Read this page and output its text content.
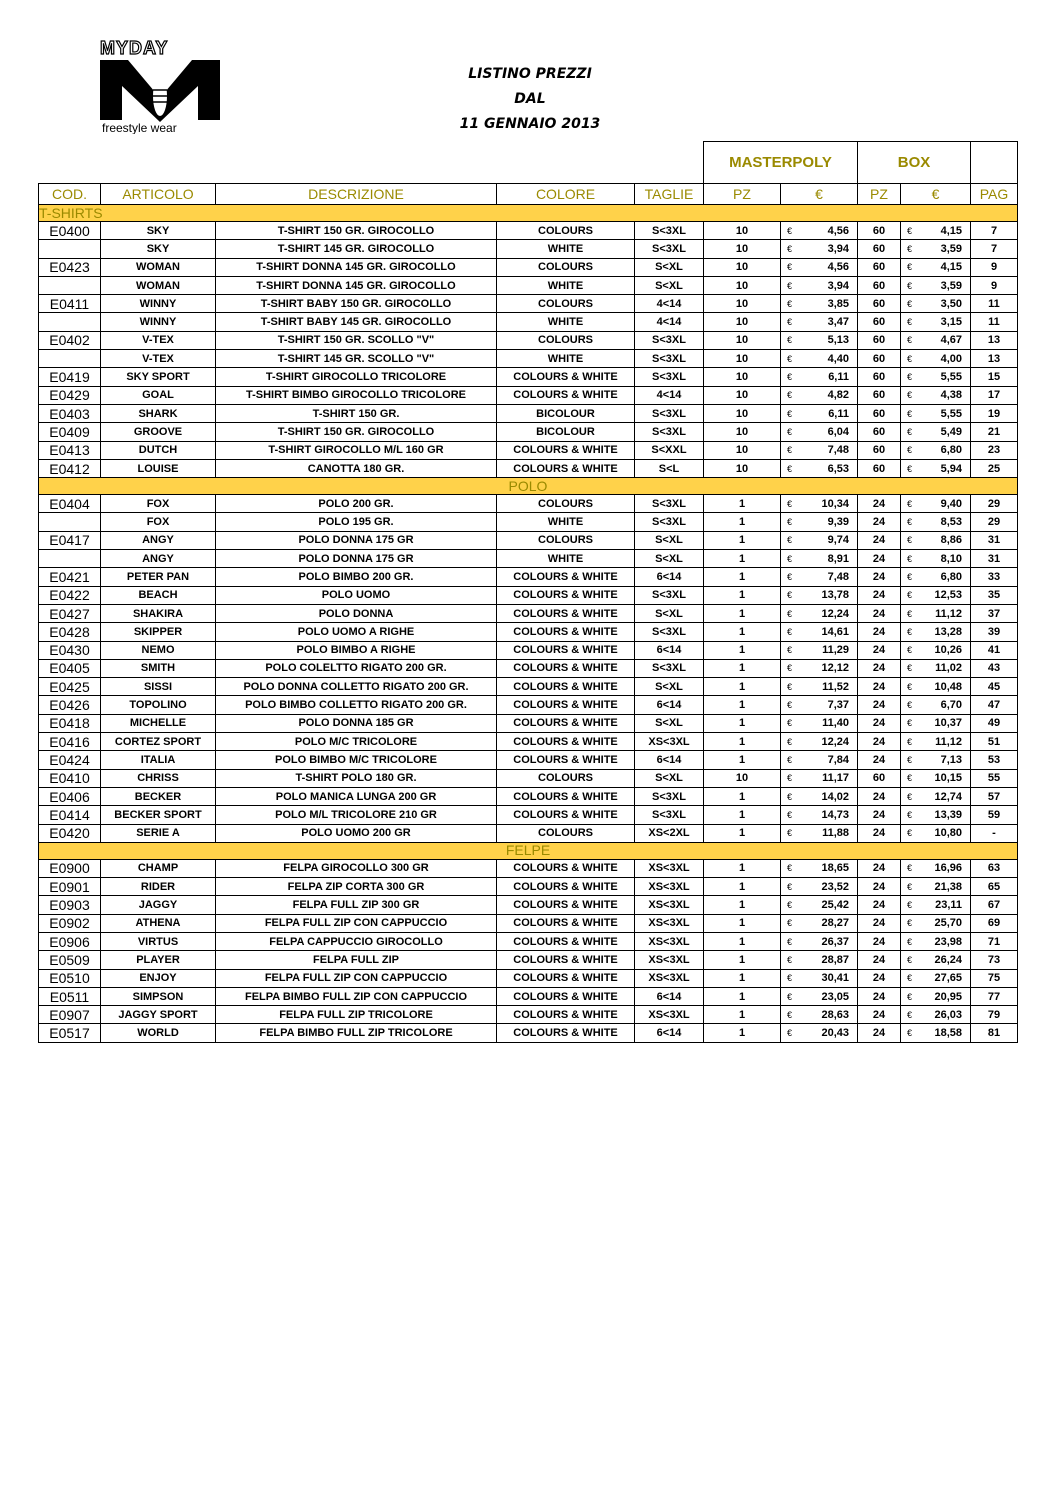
MYDAY
freestyle wear
LISTINO PREZZI
DAL
11 GENNAIO 2013
					MASTERPOLY		BOX		
COD.	ARTICOLO	DESCRIZIONE	COLORE	TAGLIE	PZ	€	PZ	€	PAG
T-SHIRTS									
E0400	SKY	T-SHIRT 150 GR. GIROCOLLO	COLOURS	S<3XL	10	€ 4,56	60	€ 4,15	7
	SKY	T-SHIRT 145 GR. GIROCOLLO	WHITE	S<3XL	10	€ 3,94	60	€ 3,59	7
E0423	WOMAN	T-SHIRT DONNA 145 GR. GIROCOLLO	COLOURS	S<XL	10	€ 4,56	60	€ 4,15	9
	WOMAN	T-SHIRT DONNA 145 GR. GIROCOLLO	WHITE	S<XL	10	€ 3,94	60	€ 3,59	9
E0411	WINNY	T-SHIRT BABY 150 GR. GIROCOLLO	COLOURS	4<14	10	€ 3,85	60	€ 3,50	11
	WINNY	T-SHIRT BABY 145 GR. GIROCOLLO	WHITE	4<14	10	€ 3,47	60	€ 3,15	11
E0402	V-TEX	T-SHIRT 150 GR. SCOLLO "V"	COLOURS	S<3XL	10	€ 5,13	60	€ 4,67	13
	V-TEX	T-SHIRT 145 GR. SCOLLO "V"	WHITE	S<3XL	10	€ 4,40	60	€ 4,00	13
E0419	SKY SPORT	T-SHIRT GIROCOLLO TRICOLORE	COLOURS & WHITE	S<3XL	10	€ 6,11	60	€ 5,55	15
E0429	GOAL	T-SHIRT BIMBO GIROCOLLO TRICOLORE	COLOURS & WHITE	4<14	10	€ 4,82	60	€ 4,38	17
E0403	SHARK	T-SHIRT 150 GR.	BICOLOUR	S<3XL	10	€ 6,11	60	€ 5,55	19
E0409	GROOVE	T-SHIRT 150 GR. GIROCOLLO	BICOLOUR	S<3XL	10	€ 6,04	60	€ 5,49	21
E0413	DUTCH	T-SHIRT GIROCOLLO M/L 160 GR	COLOURS & WHITE	S<XXL	10	€ 7,48	60	€ 6,80	23
E0412	LOUISE	CANOTTA 180 GR.	COLOURS & WHITE	S<L	10	€ 6,53	60	€ 5,94	25
POLO									
E0404	FOX	POLO 200 GR.	COLOURS	S<3XL	1	€ 10,34	24	€ 9,40	29
	FOX	POLO 195 GR.	WHITE	S<3XL	1	€ 9,39	24	€ 8,53	29
E0417	ANGY	POLO DONNA 175 GR	COLOURS	S<XL	1	€ 9,74	24	€ 8,86	31
	ANGY	POLO DONNA 175 GR	WHITE	S<XL	1	€ 8,91	24	€ 8,10	31
E0421	PETER PAN	POLO BIMBO 200 GR.	COLOURS & WHITE	6<14	1	€ 7,48	24	€ 6,80	33
E0422	BEACH	POLO UOMO	COLOURS & WHITE	S<3XL	1	€ 13,78	24	€ 12,53	35
E0427	SHAKIRA	POLO DONNA	COLOURS & WHITE	S<XL	1	€ 12,24	24	€ 11,12	37
E0428	SKIPPER	POLO UOMO A RIGHE	COLOURS & WHITE	S<3XL	1	€ 14,61	24	€ 13,28	39
E0430	NEMO	POLO BIMBO A RIGHE	COLOURS & WHITE	6<14	1	€ 11,29	24	€ 10,26	41
E0405	SMITH	POLO COLELTTO RIGATO 200 GR.	COLOURS & WHITE	S<3XL	1	€ 12,12	24	€ 11,02	43
E0425	SISSI	POLO DONNA COLLETTO RIGATO 200 GR.	COLOURS & WHITE	S<XL	1	€ 11,52	24	€ 10,48	45
E0426	TOPOLINO	POLO BIMBO COLLETTO RIGATO 200 GR.	COLOURS & WHITE	6<14	1	€ 7,37	24	€ 6,70	47
E0418	MICHELLE	POLO DONNA 185 GR	COLOURS & WHITE	S<XL	1	€ 11,40	24	€ 10,37	49
E0416	CORTEZ SPORT	POLO M/C TRICOLORE	COLOURS & WHITE	XS<3XL	1	€ 12,24	24	€ 11,12	51
E0424	ITALIA	POLO BIMBO M/C TRICOLORE	COLOURS & WHITE	6<14	1	€ 7,84	24	€ 7,13	53
E0410	CHRISS	T-SHIRT POLO 180 GR.	COLOURS	S<XL	10	€ 11,17	60	€ 10,15	55
E0406	BECKER	POLO MANICA LUNGA 200 GR	COLOURS & WHITE	S<3XL	1	€ 14,02	24	€ 12,74	57
E0414	BECKER SPORT	POLO M/L TRICOLORE 210 GR	COLOURS & WHITE	S<3XL	1	€ 14,73	24	€ 13,39	59
E0420	SERIE A	POLO UOMO 200 GR	COLOURS	XS<2XL	1	€ 11,88	24	€ 10,80	-
FELPE									
E0900	CHAMP	FELPA GIROCOLLO 300 GR	COLOURS & WHITE	XS<3XL	1	€ 18,65	24	€ 16,96	63
E0901	RIDER	FELPA ZIP CORTA 300 GR	COLOURS & WHITE	XS<3XL	1	€ 23,52	24	€ 21,38	65
E0903	JAGGY	FELPA FULL ZIP 300 GR	COLOURS & WHITE	XS<3XL	1	€ 25,42	24	€ 23,11	67
E0902	ATHENA	FELPA FULL ZIP CON CAPPUCCIO	COLOURS & WHITE	XS<3XL	1	€ 28,27	24	€ 25,70	69
E0906	VIRTUS	FELPA CAPPUCCIO GIROCOLLO	COLOURS & WHITE	XS<3XL	1	€ 26,37	24	€ 23,98	71
E0509	PLAYER	FELPA FULL ZIP	COLOURS & WHITE	XS<3XL	1	€ 28,87	24	€ 26,24	73
E0510	ENJOY	FELPA FULL ZIP CON CAPPUCCIO	COLOURS & WHITE	XS<3XL	1	€ 30,41	24	€ 27,65	75
E0511	SIMPSON	FELPA BIMBO FULL ZIP CON CAPPUCCIO	COLOURS & WHITE	6<14	1	€ 23,05	24	€ 20,95	77
E0907	JAGGY SPORT	FELPA FULL ZIP TRICOLORE	COLOURS & WHITE	XS<3XL	1	€ 28,63	24	€ 26,03	79
E0517	WORLD	FELPA BIMBO FULL ZIP TRICOLORE	COLOURS & WHITE	6<14	1	€ 20,43	24	€ 18,58	81
